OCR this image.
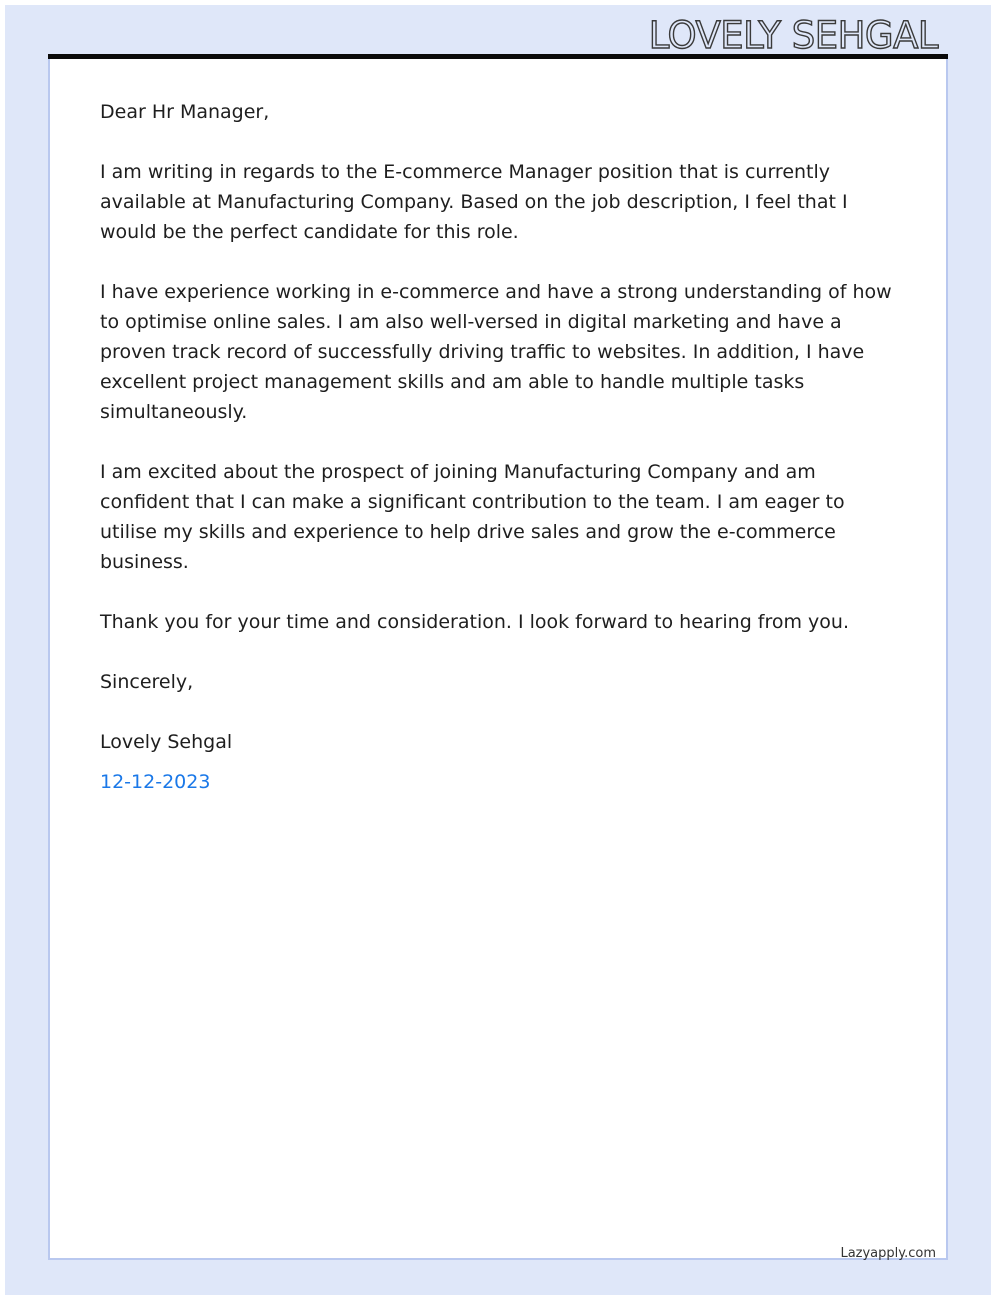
LOVELY SEHGAL

Dear Hr Manager,

I am writing in regards to the E-commerce Manager position that is currently available at Manufacturing Company. Based on the job description, I feel that I would be the perfect candidate for this role.

I have experience working in e-commerce and have a strong understanding of how to optimise online sales. I am also well-versed in digital marketing and have a proven track record of successfully driving traffic to websites. In addition, I have excellent project management skills and am able to handle multiple tasks simultaneously.

I am excited about the prospect of joining Manufacturing Company and am confident that I can make a significant contribution to the team. I am eager to utilise my skills and experience to help drive sales and grow the e-commerce business.

Thank you for your time and consideration. I look forward to hearing from you.

Sincerely,

Lovely Sehgal

12-12-2023

Lazyapply.com
